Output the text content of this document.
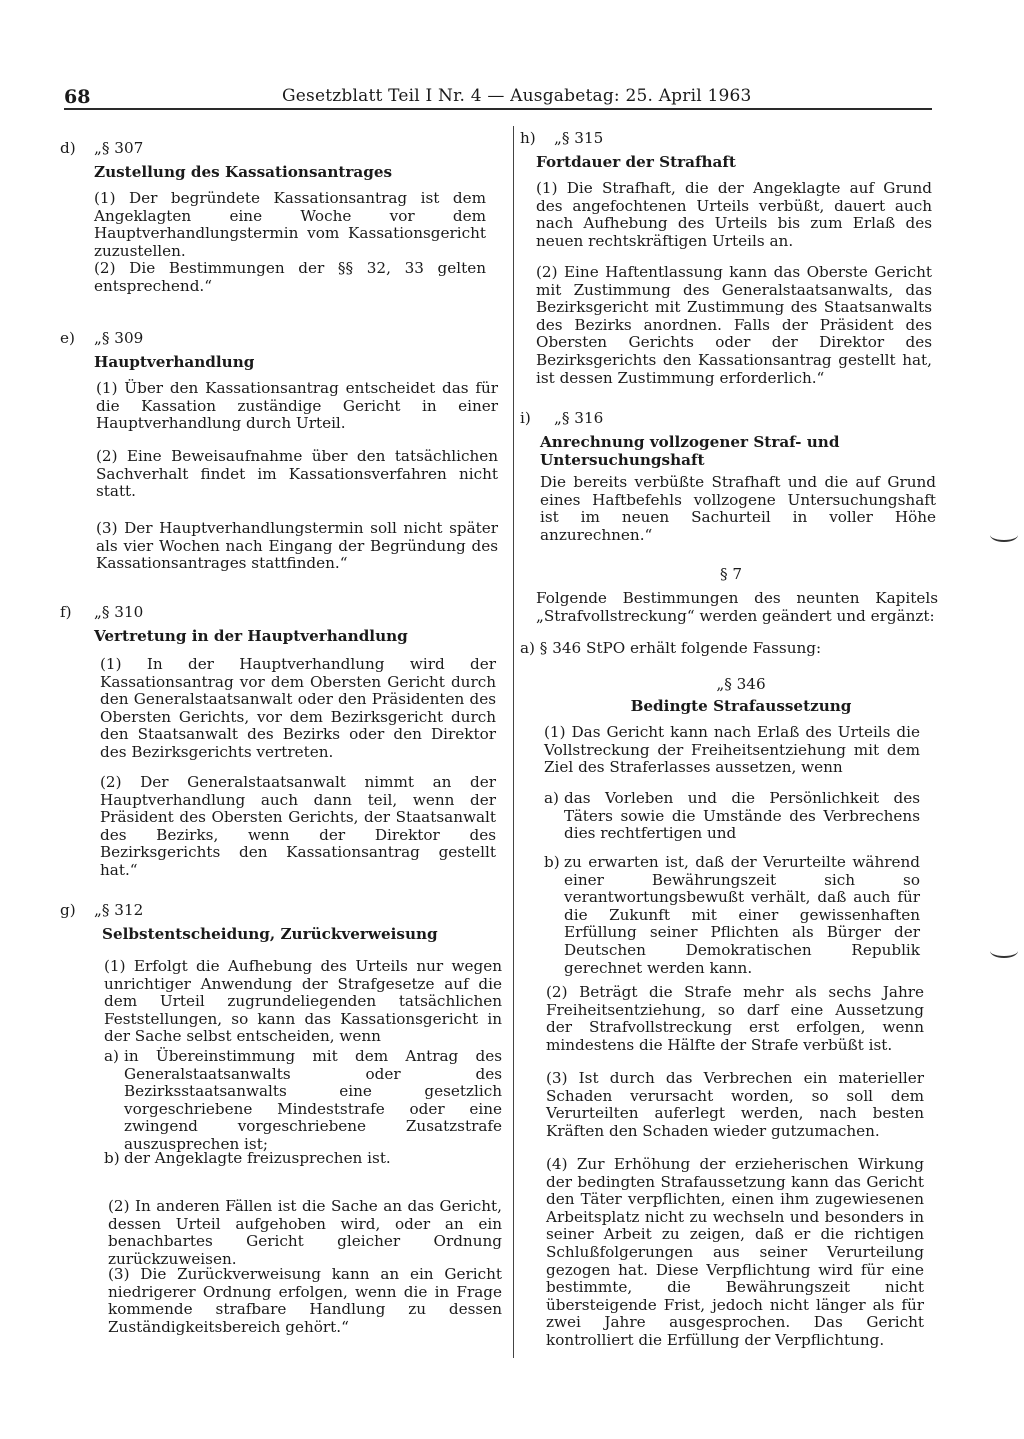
68	Gesetzblatt Teil I Nr. 4 — Ausgabetag: 25. April 1963
d) „§ 307
Zustellung des Kassationsantrages
(1) Der begründete Kassationsantrag ist dem Angeklagten eine Woche vor dem Hauptverhandlungstermin vom Kassationsgericht zuzustellen.
(2) Die Bestimmungen der §§ 32, 33 gelten entsprechend.“
e) „§ 309
Hauptverhandlung
(1) Über den Kassationsantrag entscheidet das für die Kassation zuständige Gericht in einer Hauptverhandlung durch Urteil.
(2) Eine Beweisaufnahme über den tatsächlichen Sachverhalt findet im Kassationsverfahren nicht statt.
(3) Der Hauptverhandlungstermin soll nicht später als vier Wochen nach Eingang der Begründung des Kassationsantrages stattfinden.“
f) „§ 310
Vertretung in der Hauptverhandlung
(1) In der Hauptverhandlung wird der Kassationsantrag vor dem Obersten Gericht durch den Generalstaatsanwalt oder den Präsidenten des Obersten Gerichts, vor dem Bezirksgericht durch den Staatsanwalt des Bezirks oder den Direktor des Bezirksgerichts vertreten.
(2) Der Generalstaatsanwalt nimmt an der Hauptverhandlung auch dann teil, wenn der Präsident des Obersten Gerichts, der Staatsanwalt des Bezirks, wenn der Direktor des Bezirksgerichts den Kassationsantrag gestellt hat.“
g) „§ 312
Selbstentscheidung, Zurückverweisung
(1) Erfolgt die Aufhebung des Urteils nur wegen unrichtiger Anwendung der Strafgesetze auf die dem Urteil zugrundeliegenden tatsächlichen Feststellungen, so kann das Kassationsgericht in der Sache selbst entscheiden, wenn
a) in Übereinstimmung mit dem Antrag des Generalstaatsanwalts oder des Bezirksstaatsanwalts eine gesetzlich vorgeschriebene Mindeststrafe oder eine zwingend vorgeschriebene Zusatzstrafe auszusprechen ist;
b) der Angeklagte freizusprechen ist.
(2) In anderen Fällen ist die Sache an das Gericht, dessen Urteil aufgehoben wird, oder an ein benachbartes Gericht gleicher Ordnung zurückzuweisen.
(3) Die Zurückverweisung kann an ein Gericht niedrigerer Ordnung erfolgen, wenn die in Frage kommende strafbare Handlung zu dessen Zuständigkeitsbereich gehört.“
h) „§ 315
Fortdauer der Strafhaft
(1) Die Strafhaft, die der Angeklagte auf Grund des angefochtenen Urteils verbüßt, dauert auch nach Aufhebung des Urteils bis zum Erlaß des neuen rechtskräftigen Urteils an.
(2) Eine Haftentlassung kann das Oberste Gericht mit Zustimmung des Generalstaatsanwalts, das Bezirksgericht mit Zustimmung des Staatsanwalts des Bezirks anordnen. Falls der Präsident des Obersten Gerichts oder der Direktor des Bezirksgerichts den Kassationsantrag gestellt hat, ist dessen Zustimmung erforderlich.“
i) „§ 316
Anrechnung vollzogener Straf- und
Untersuchungshaft
Die bereits verbüßte Strafhaft und die auf Grund eines Haftbefehls vollzogene Untersuchungshaft ist im neuen Sachurteil in voller Höhe anzurechnen.“
§ 7
Folgende Bestimmungen des neunten Kapitels „Strafvollstreckung“ werden geändert und ergänzt:
a) § 346 StPO erhält folgende Fassung:
„§ 346
Bedingte Strafaussetzung
(1) Das Gericht kann nach Erlaß des Urteils die Vollstreckung der Freiheitsentziehung mit dem Ziel des Straferlasses aussetzen, wenn
a) das Vorleben und die Persönlichkeit des Täters sowie die Umstände des Verbrechens dies rechtfertigen und
b) zu erwarten ist, daß der Verurteilte während einer Bewährungszeit sich so verantwortungsbewußt verhält, daß auch für die Zukunft mit einer gewissenhaften Erfüllung seiner Pflichten als Bürger der Deutschen Demokratischen Republik gerechnet werden kann.
(2) Beträgt die Strafe mehr als sechs Jahre Freiheitsentziehung, so darf eine Aussetzung der Strafvollstreckung erst erfolgen, wenn mindestens die Hälfte der Strafe verbüßt ist.
(3) Ist durch das Verbrechen ein materieller Schaden verursacht worden, so soll dem Verurteilten auferlegt werden, nach besten Kräften den Schaden wieder gutzumachen.
(4) Zur Erhöhung der erzieherischen Wirkung der bedingten Strafaussetzung kann das Gericht den Täter verpflichten, einen ihm zugewiesenen Arbeitsplatz nicht zu wechseln und besonders in seiner Arbeit zu zeigen, daß er die richtigen Schlußfolgerungen aus seiner Verurteilung gezogen hat. Diese Verpflichtung wird für eine bestimmte, die Bewährungszeit nicht übersteigende Frist, jedoch nicht länger als für zwei Jahre ausgesprochen. Das Gericht kontrolliert die Erfüllung der Verpflichtung.
